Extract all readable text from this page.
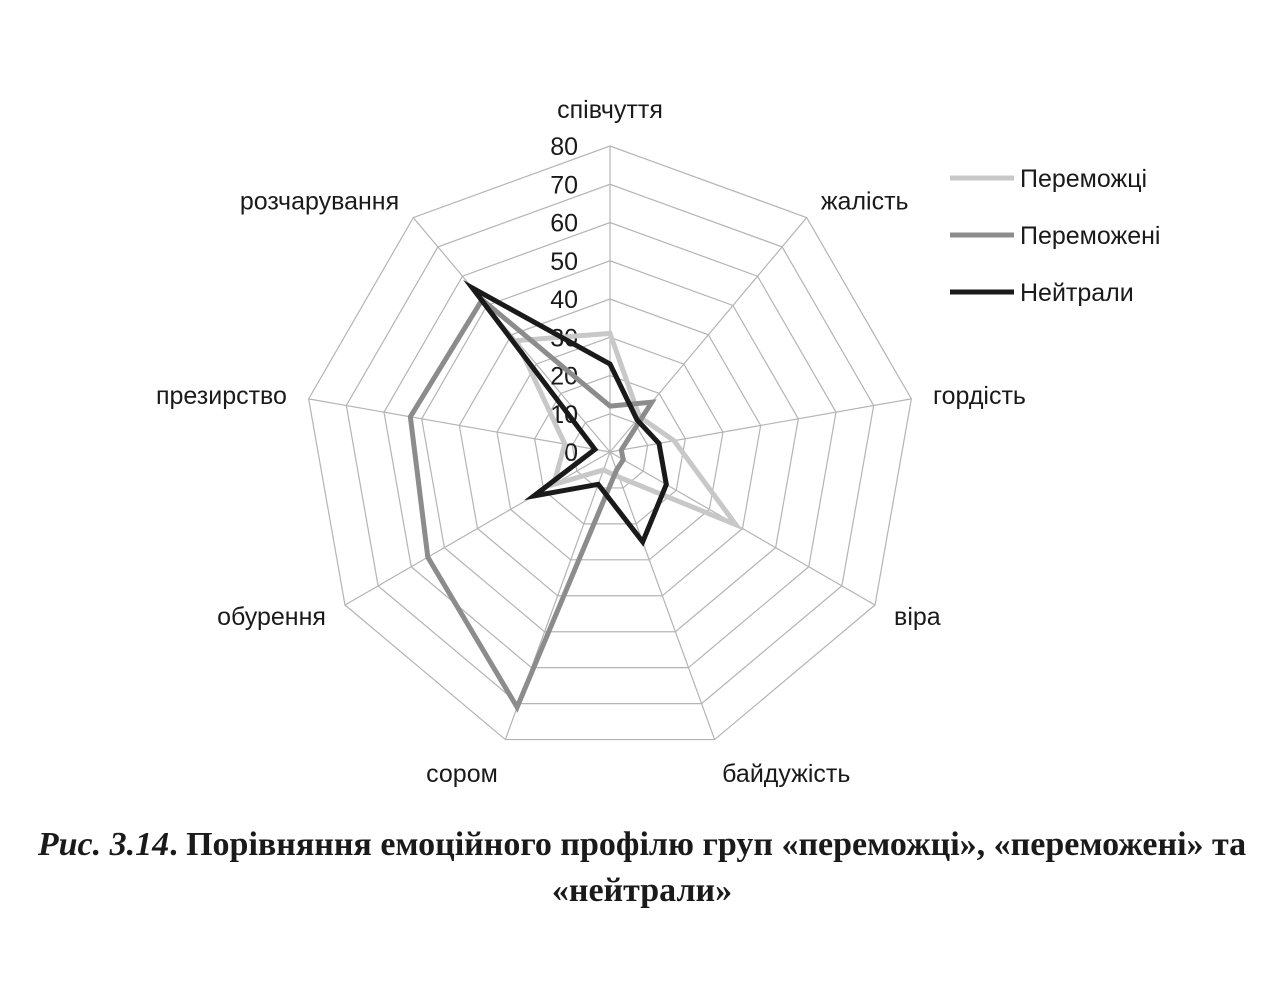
0
10
20
30
40
50
60
70
80
співчуття
жалість
гордість
віра
байдужість
сором
обурення
презирство
розчарування
Переможці
Переможені
Нейтрали
Рис. 3.14. Порівняння емоційного профілю груп «переможці», «переможені» та «нейтрали»
